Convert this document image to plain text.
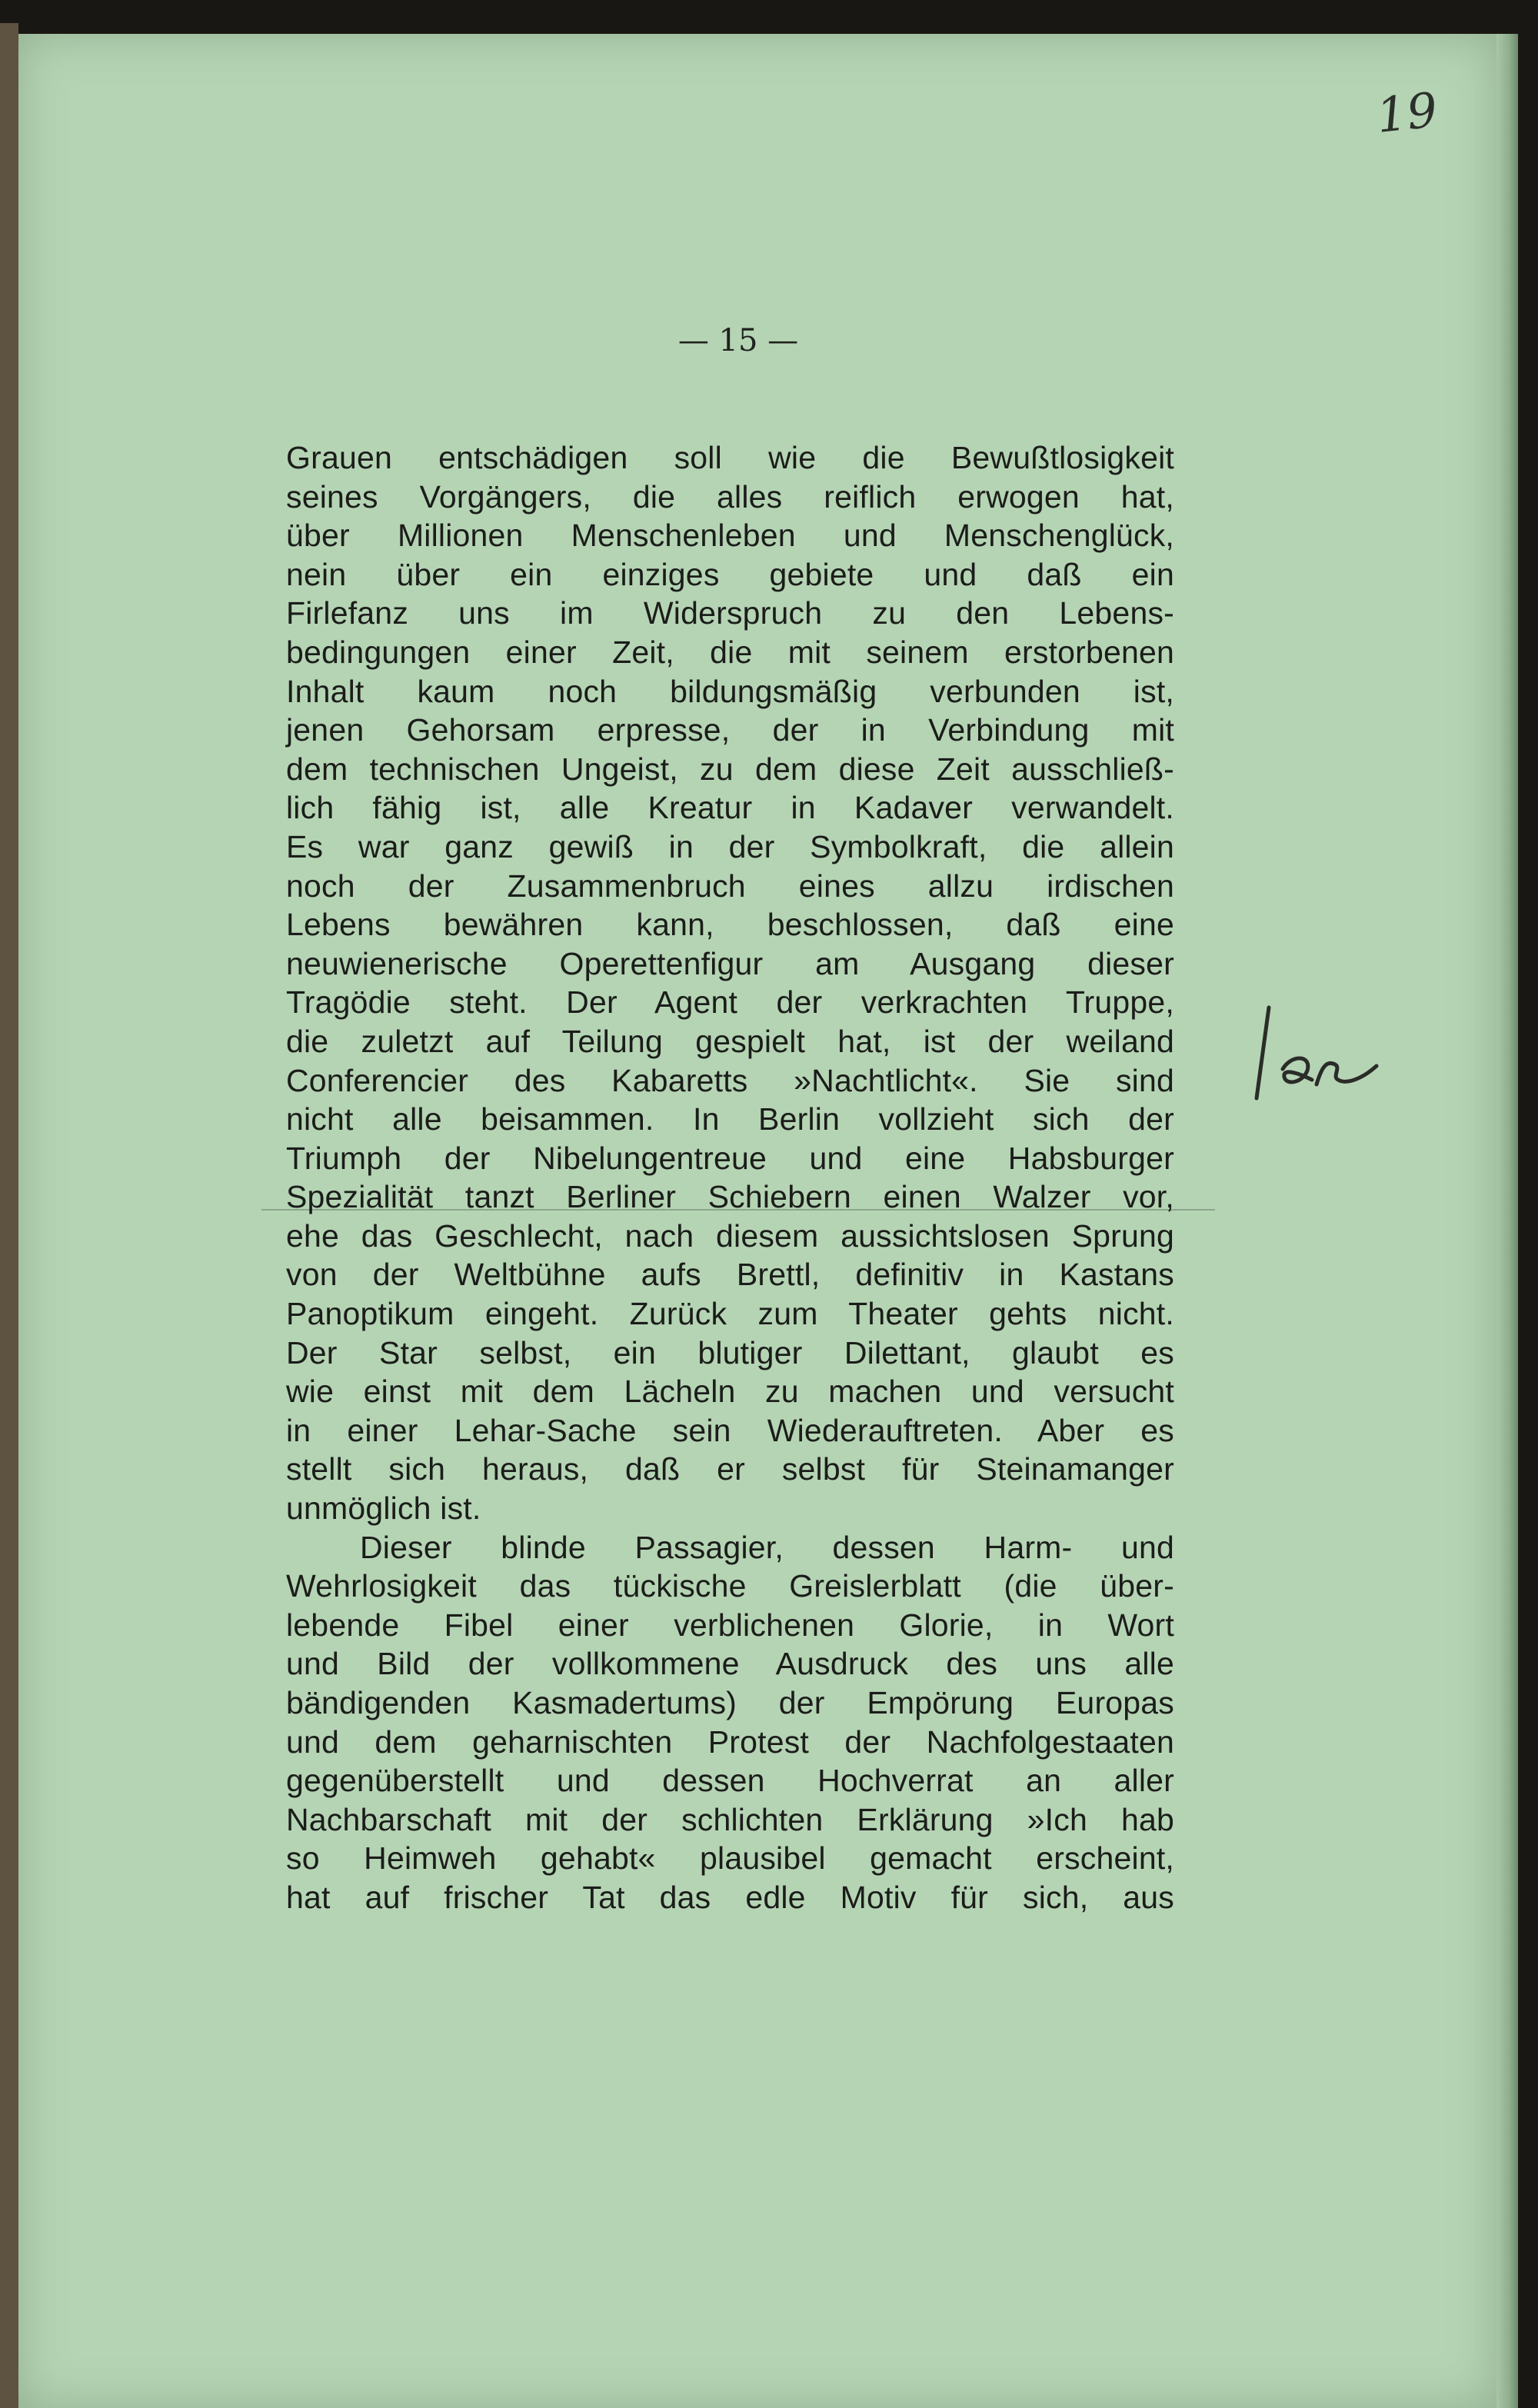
19
— 15 —
Grauen entschädigen soll wie die Bewußtlosigkeit
seines Vorgängers, die alles reiflich erwogen hat,
über Millionen Menschenleben und Menschenglück,
nein über ein einziges gebiete und daß ein
Firlefanz uns im Widerspruch zu den Lebens-
bedingungen einer Zeit, die mit seinem erstorbenen
Inhalt kaum noch bildungsmäßig verbunden ist,
jenen Gehorsam erpresse, der in Verbindung mit
dem technischen Ungeist, zu dem diese Zeit ausschließ-
lich fähig ist, alle Kreatur in Kadaver verwandelt.
Es war ganz gewiß in der Symbolkraft, die allein
noch der Zusammenbruch eines allzu irdischen
Lebens bewähren kann, beschlossen, daß eine
neuwienerische Operettenfigur am Ausgang dieser
Tragödie steht. Der Agent der verkrachten Truppe,
die zuletzt auf Teilung gespielt hat, ist der weiland
Conferencier des Kabaretts »Nachtlicht«. Sie sind
nicht alle beisammen. In Berlin vollzieht sich der
Triumph der Nibelungentreue und eine Habsburger
Spezialität tanzt Berliner Schiebern einen Walzer vor,
ehe das Geschlecht, nach diesem aussichtslosen Sprung
von der Weltbühne aufs Brettl, definitiv in Kastans
Panoptikum eingeht. Zurück zum Theater gehts nicht.
Der Star selbst, ein blutiger Dilettant, glaubt es
wie einst mit dem Lächeln zu machen und versucht
in einer Lehar-Sache sein Wiederauftreten. Aber es
stellt sich heraus, daß er selbst für Steinamanger
unmöglich ist.
Dieser blinde Passagier, dessen Harm- und
Wehrlosigkeit das tückische Greislerblatt (die über-
lebende Fibel einer verblichenen Glorie, in Wort
und Bild der vollkommene Ausdruck des uns alle
bändigenden Kasmadertums) der Empörung Europas
und dem geharnischten Protest der Nachfolgestaaten
gegenüberstellt und dessen Hochverrat an aller
Nachbarschaft mit der schlichten Erklärung »Ich hab
so Heimweh gehabt« plausibel gemacht erscheint,
hat auf frischer Tat das edle Motiv für sich, aus
